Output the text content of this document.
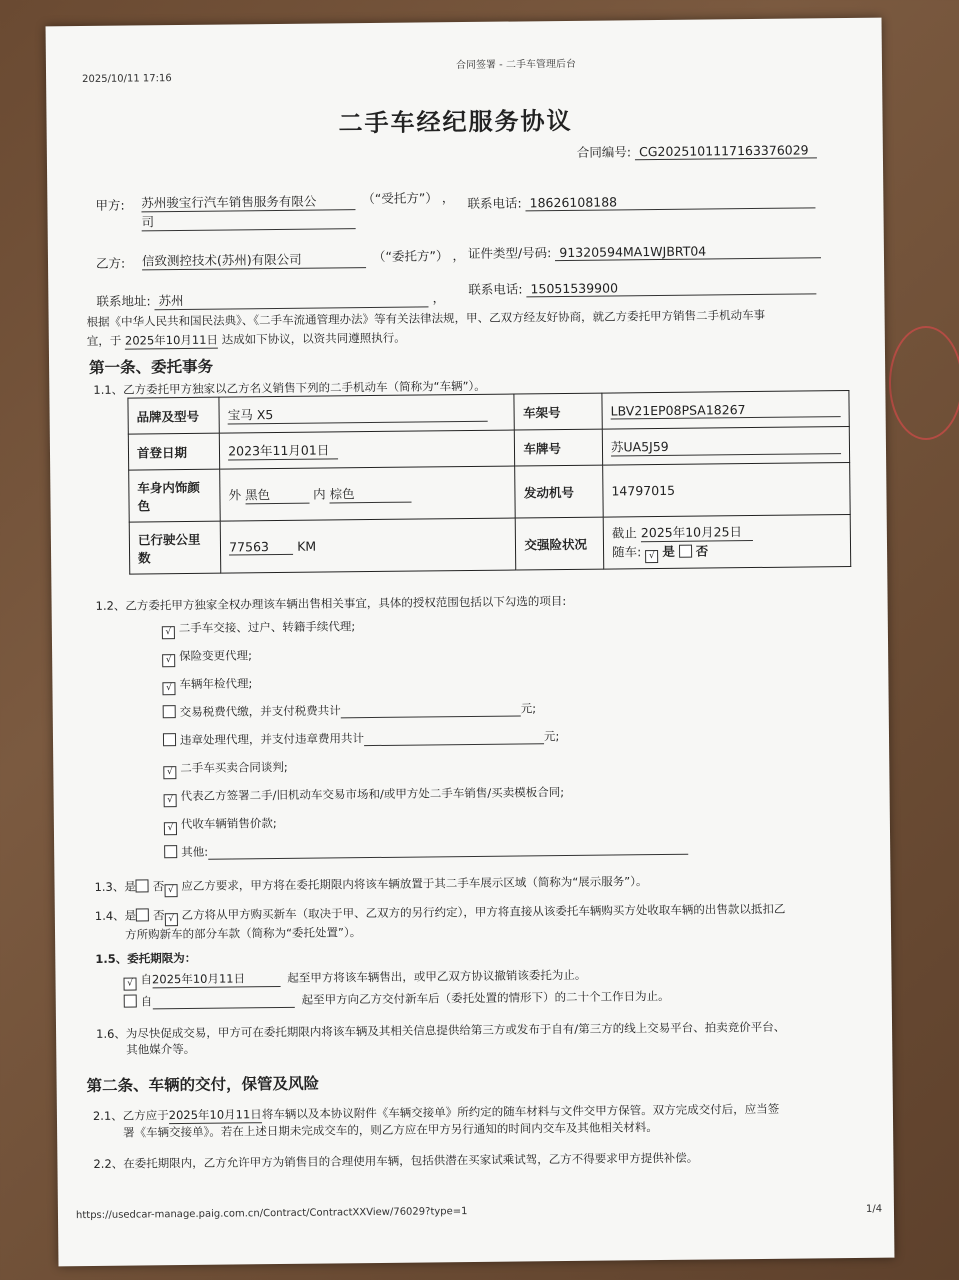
2025/10/11 17:16
合同签署 - 二手车管理后台
二手车经纪服务协议
合同编号: CG2025101117163376029
甲方: 苏州骏宝行汽车销售服务有限公
司
（“受托方”） ， 联系电话: 18626108188
乙方: 信致测控技术(苏州)有限公司	（“委托方”） ， 证件类型/号码: 91320594MA1WJBRT04
联系地址: 苏州	，
联系电话: 15051539900
根据《中华人民共和国民法典》、《二手车流通管理办法》等有关法律法规，甲、乙双方经友好协商，就乙方委托甲方销售二手机动车事
宜，于 2025年10月11日 达成如下协议，以资共同遵照执行。
第一条、委托事务
1.1、乙方委托甲方独家以乙方名义销售下列的二手机动车（简称为“车辆”）。
品牌及型号	宝马 X5	车架号	LBV21EP08PSA18267
首登日期	2023年11月01日	车牌号	苏UA5J59
车身内饰颜色	外 黑色 内 棕色	发动机号	14797015
已行驶公里数	77563 KM	交强险状况	截止 2025年10月25日
随车: √ 是 否
1.2、乙方委托甲方独家全权办理该车辆出售相关事宜，具体的授权范围包括以下勾选的项目:
√ 二手车交接、过户、转籍手续代理;
√ 保险变更代理;
√ 车辆年检代理;
交易税费代缴，并支付税费共计	元;
违章处理代理，并支付违章费用共计	元;
√ 二手车买卖合同谈判;
√ 代表乙方签署二手/旧机动车交易市场和/或甲方处二手车销售/买卖模板合同;
√ 代收车辆销售价款;
其他:
1.3、是 否 √ 应乙方要求，甲方将在委托期限内将该车辆放置于其二手车展示区域（简称为“展示服务”）。
1.4、是 否 √ 乙方将从甲方购买新车（取决于甲、乙双方的另行约定），甲方将直接从该委托车辆购买方处收取车辆的出售款以抵扣乙
方所购新车的部分车款（简称为“委托处置”）。
1.5、委托期限为：
√ 自2025年10月11日	起至甲方将该车辆售出，或甲乙双方协议撤销该委托为止。
自	起至甲方向乙方交付新车后（委托处置的情形下）的二十个工作日为止。
1.6、为尽快促成交易，甲方可在委托期限内将该车辆及其相关信息提供给第三方或发布于自有/第三方的线上交易平台、拍卖竞价平台、
其他媒介等。
第二条、车辆的交付，保管及风险
2.1、乙方应于2025年10月11日将车辆以及本协议附件《车辆交接单》所约定的随车材料与文件交甲方保管。双方完成交付后，应当签
署《车辆交接单》。若在上述日期未完成交车的，则乙方应在甲方另行通知的时间内交车及其他相关材料。
2.2、在委托期限内，乙方允许甲方为销售目的合理使用车辆，包括供潜在买家试乘试驾，乙方不得要求甲方提供补偿。
https://usedcar-manage.paig.com.cn/Contract/ContractXXView/76029?type=1	1/4
